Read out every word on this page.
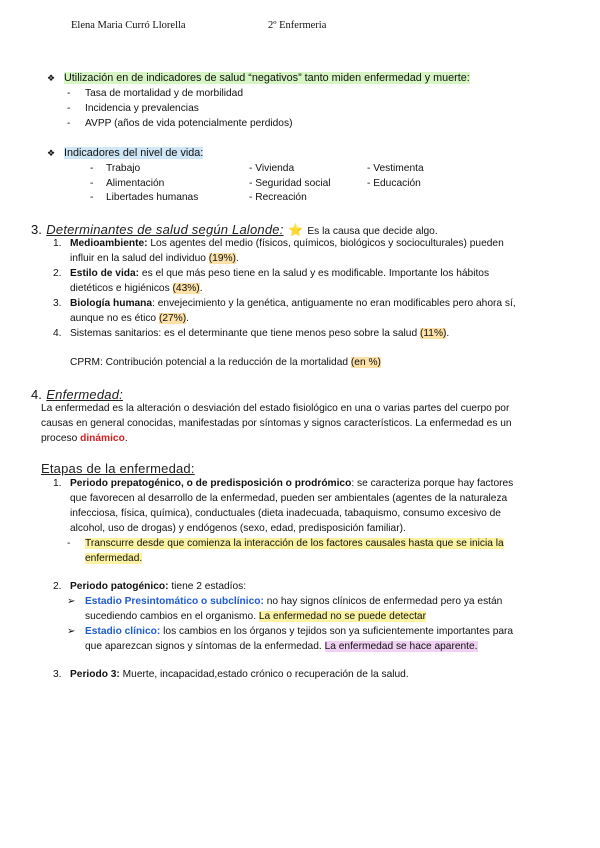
Elena Maria Curró Llorella	2º Enfermeria
❖ Utilización en de indicadores de salud “negativos” tanto miden enfermedad y muerte:
- Tasa de mortalidad y de morbilidad
- Incidencia y prevalencias
- AVPP (años de vida potencialmente perdidos)
❖ Indicadores del nivel de vida:
- Trabajo
- Alimentación
- Libertades humanas
- Vivienda
- Seguridad social
- Recreación
- Vestimenta
- Educación
3. Determinantes de salud según Lalonde: ⭐ Es la causa que decide algo.
1. Medioambiente: Los agentes del medio (físicos, químicos, biológicos y socioculturales) pueden
influir en la salud del individuo (19%).
2. Estilo de vida: es el que más peso tiene en la salud y es modificable. Importante los hábitos
dietéticos e higiénicos (43%).
3. Biología humana: envejecimiento y la genética, antiguamente no eran modificables pero ahora sí,
aunque no es ético (27%).
4. Sistemas sanitarios: es el determinante que tiene menos peso sobre la salud (11%).
CPRM: Contribución potencial a la reducción de la mortalidad (en %)
4. Enfermedad:
La enfermedad es la alteración o desviación del estado fisiológico en una o varias partes del cuerpo por
causas en general conocidas, manifestadas por síntomas y signos característicos. La enfermedad es un
proceso dinámico.
Etapas de la enfermedad:
1. Periodo prepatogénico, o de predisposición o prodrómico: se caracteriza porque hay factores
que favorecen al desarrollo de la enfermedad, pueden ser ambientales (agentes de la naturaleza
infecciosa, física, química), conductuales (dieta inadecuada, tabaquismo, consumo excesivo de
alcohol, uso de drogas) y endógenos (sexo, edad, predisposición familiar).
- Transcurre desde que comienza la interacción de los factores causales hasta que se inicia la
enfermedad.
2. Periodo patogénico: tiene 2 estadíos:
➢ Estadio Presintomático o subclínico: no hay signos clínicos de enfermedad pero ya están
sucediendo cambios en el organismo. La enfermedad no se puede detectar
➢ Estadio clínico: los cambios en los órganos y tejidos son ya suficientemente importantes para
que aparezcan signos y síntomas de la enfermedad. La enfermedad se hace aparente.
3. Periodo 3: Muerte, incapacidad,estado crónico o recuperación de la salud.
